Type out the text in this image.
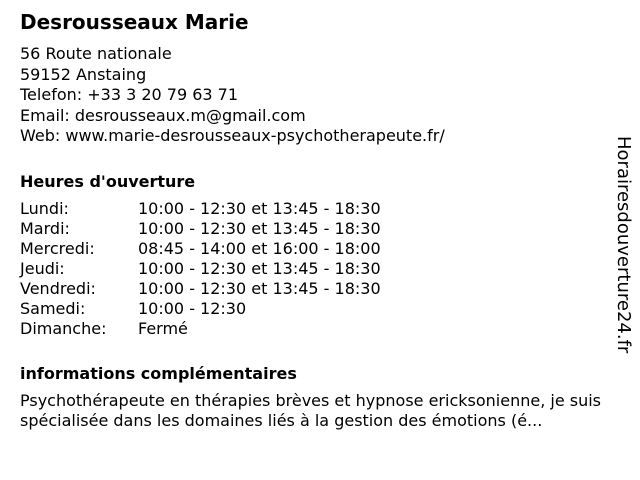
Desrousseaux Marie
56 Route nationale
59152 Anstaing
Telefon: +33 3 20 79 63 71
Email: desrousseaux.m@gmail.com
Web: www.marie-desrousseaux-psychotherapeute.fr/
Heures d'ouverture
Lundi:	10:00 - 12:30 et 13:45 - 18:30
Mardi:	10:00 - 12:30 et 13:45 - 18:30
Mercredi:	08:45 - 14:00 et 16:00 - 18:00
Jeudi:	10:00 - 12:30 et 13:45 - 18:30
Vendredi:	10:00 - 12:30 et 13:45 - 18:30
Samedi:	10:00 - 12:30
Dimanche:	Fermé
informations complémentaires
Psychothérapeute en thérapies brèves et hypnose ericksonienne, je suis spécialisée dans les domaines liés à la gestion des émotions (é...
Horairesdouverture24.fr
